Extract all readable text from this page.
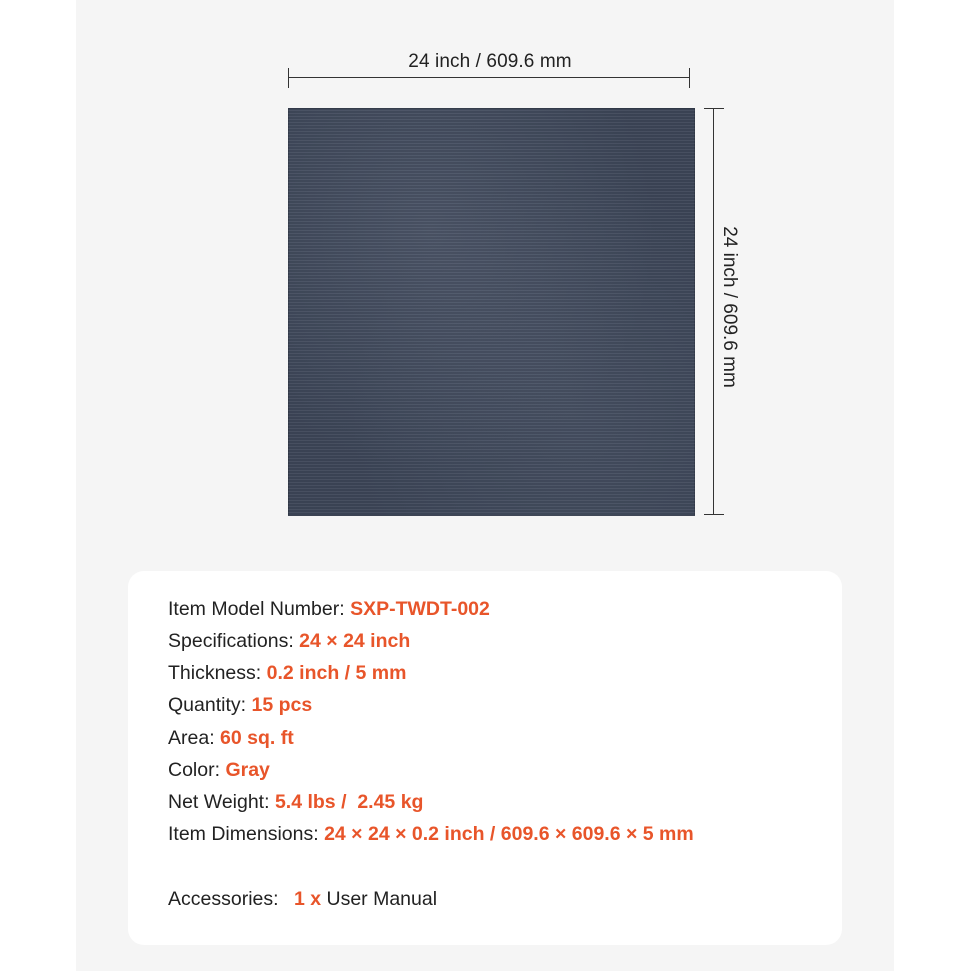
24 inch / 609.6 mm
24 inch / 609.6 mm
Item Model Number: SXP-TWDT-002
Specifications: 24 × 24 inch
Thickness: 0.2 inch / 5 mm
Quantity: 15 pcs
Area: 60 sq. ft
Color: Gray
Net Weight: 5.4 lbs /  2.45 kg
Item Dimensions: 24 × 24 × 0.2 inch / 609.6 × 609.6 × 5 mm
Accessories: 1 x User Manual
